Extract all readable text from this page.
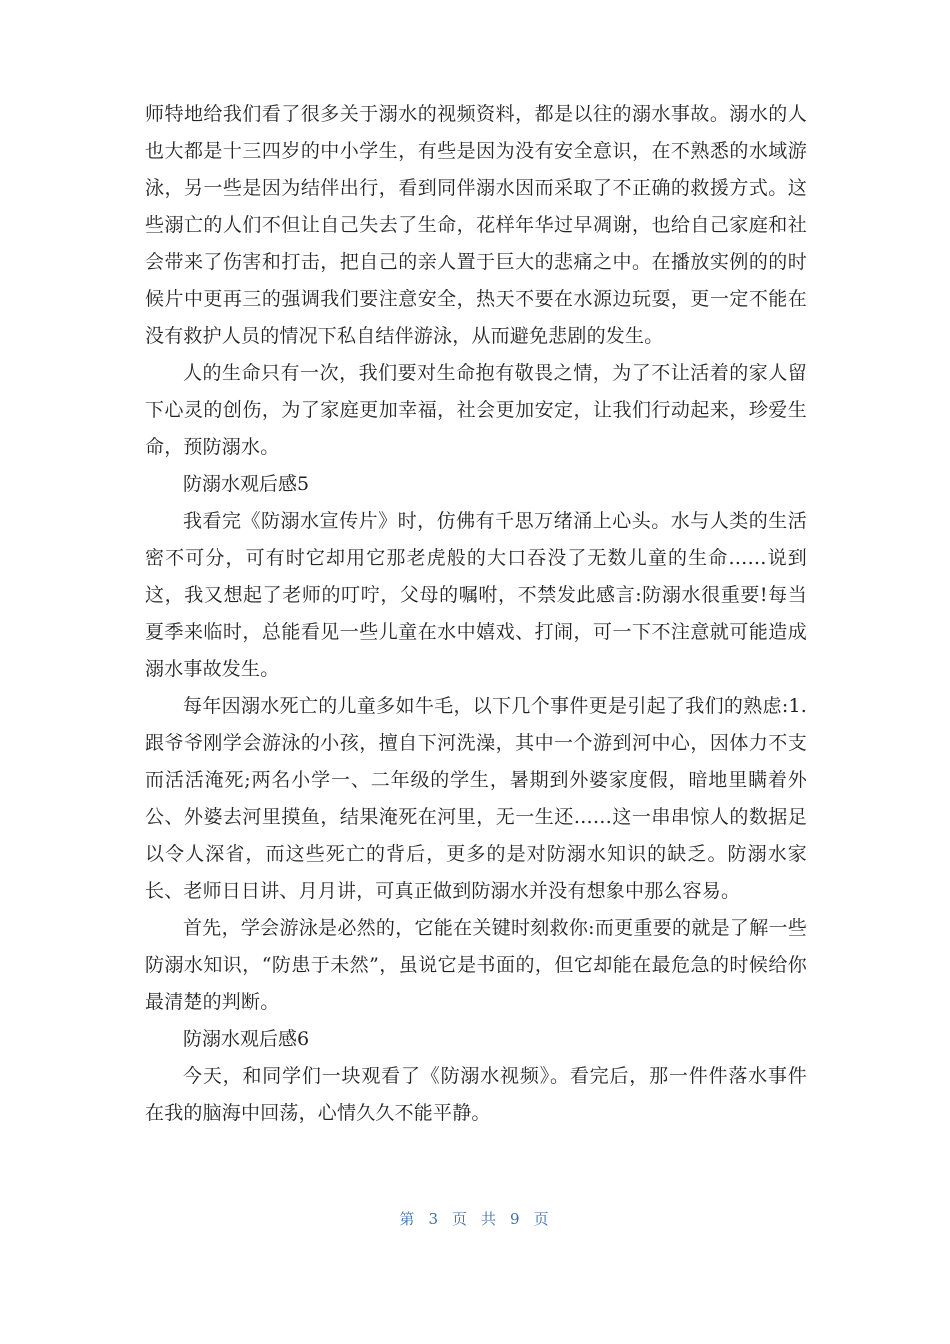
师特地给我们看了很多关于溺水的视频资料，都是以往的溺水事故。溺水的人也大都是十三四岁的中小学生，有些是因为没有安全意识，在不熟悉的水域游泳，另一些是因为结伴出行，看到同伴溺水因而采取了不正确的救援方式。这些溺亡的人们不但让自己失去了生命，花样年华过早凋谢，也给自己家庭和社会带来了伤害和打击，把自己的亲人置于巨大的悲痛之中。在播放实例的的时候片中更再三的强调我们要注意安全，热天不要在水源边玩耍，更一定不能在没有救护人员的情况下私自结伴游泳，从而避免悲剧的发生。

人的生命只有一次，我们要对生命抱有敬畏之情，为了不让活着的家人留下心灵的创伤，为了家庭更加幸福，社会更加安定，让我们行动起来，珍爱生命，预防溺水。

防溺水观后感5

我看完《防溺水宣传片》时，仿佛有千思万绪涌上心头。水与人类的生活密不可分，可有时它却用它那老虎般的大口吞没了无数儿童的生命……说到这，我又想起了老师的叮咛，父母的嘱咐，不禁发此感言:防溺水很重要!每当夏季来临时，总能看见一些儿童在水中嬉戏、打闹，可一下不注意就可能造成溺水事故发生。

每年因溺水死亡的儿童多如牛毛，以下几个事件更是引起了我们的熟虑:1.跟爷爷刚学会游泳的小孩，擅自下河洗澡，其中一个游到河中心，因体力不支而活活淹死;两名小学一、二年级的学生，暑期到外婆家度假，暗地里瞒着外公、外婆去河里摸鱼，结果淹死在河里，无一生还……这一串串惊人的数据足以令人深省，而这些死亡的背后，更多的是对防溺水知识的缺乏。防溺水家长、老师日日讲、月月讲，可真正做到防溺水并没有想象中那么容易。

首先，学会游泳是必然的，它能在关键时刻救你:而更重要的就是了解一些防溺水知识，“防患于未然”，虽说它是书面的，但它却能在最危急的时候给你最清楚的判断。

防溺水观后感6

今天，和同学们一块观看了《防溺水视频》。看完后，那一件件落水事件在我的脑海中回荡，心情久久不能平静。

第 3 页 共 9 页
